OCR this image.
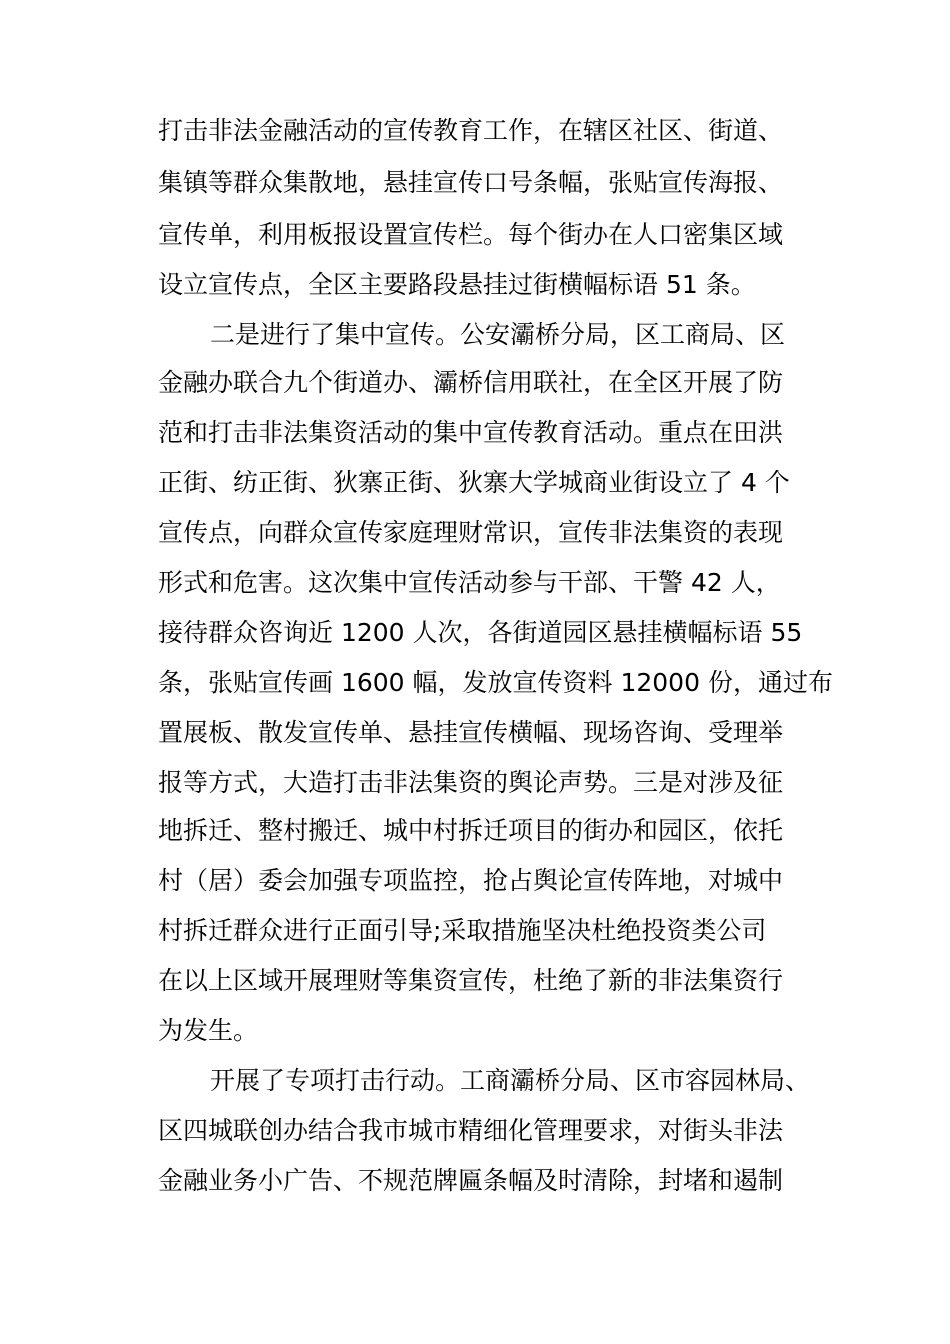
打击非法金融活动的宣传教育工作，在辖区社区、街道、
集镇等群众集散地，悬挂宣传口号条幅，张贴宣传海报、
宣传单，利用板报设置宣传栏。每个街办在人口密集区域
设立宣传点，全区主要路段悬挂过街横幅标语 51 条。
二是进行了集中宣传。公安灞桥分局，区工商局、区
金融办联合九个街道办、灞桥信用联社，在全区开展了防
范和打击非法集资活动的集中宣传教育活动。重点在田洪
正街、纺正街、狄寨正街、狄寨大学城商业街设立了 4 个
宣传点，向群众宣传家庭理财常识，宣传非法集资的表现
形式和危害。这次集中宣传活动参与干部、干警 42 人，
接待群众咨询近 1200 人次，各街道园区悬挂横幅标语 55
条，张贴宣传画 1600 幅，发放宣传资料 12000 份，通过布
置展板、散发宣传单、悬挂宣传横幅、现场咨询、受理举
报等方式，大造打击非法集资的舆论声势。三是对涉及征
地拆迁、整村搬迁、城中村拆迁项目的街办和园区，依托
村（居）委会加强专项监控，抢占舆论宣传阵地，对城中
村拆迁群众进行正面引导;采取措施坚决杜绝投资类公司
在以上区域开展理财等集资宣传，杜绝了新的非法集资行
为发生。
开展了专项打击行动。工商灞桥分局、区市容园林局、
区四城联创办结合我市城市精细化管理要求，对街头非法
金融业务小广告、不规范牌匾条幅及时清除，封堵和遏制
